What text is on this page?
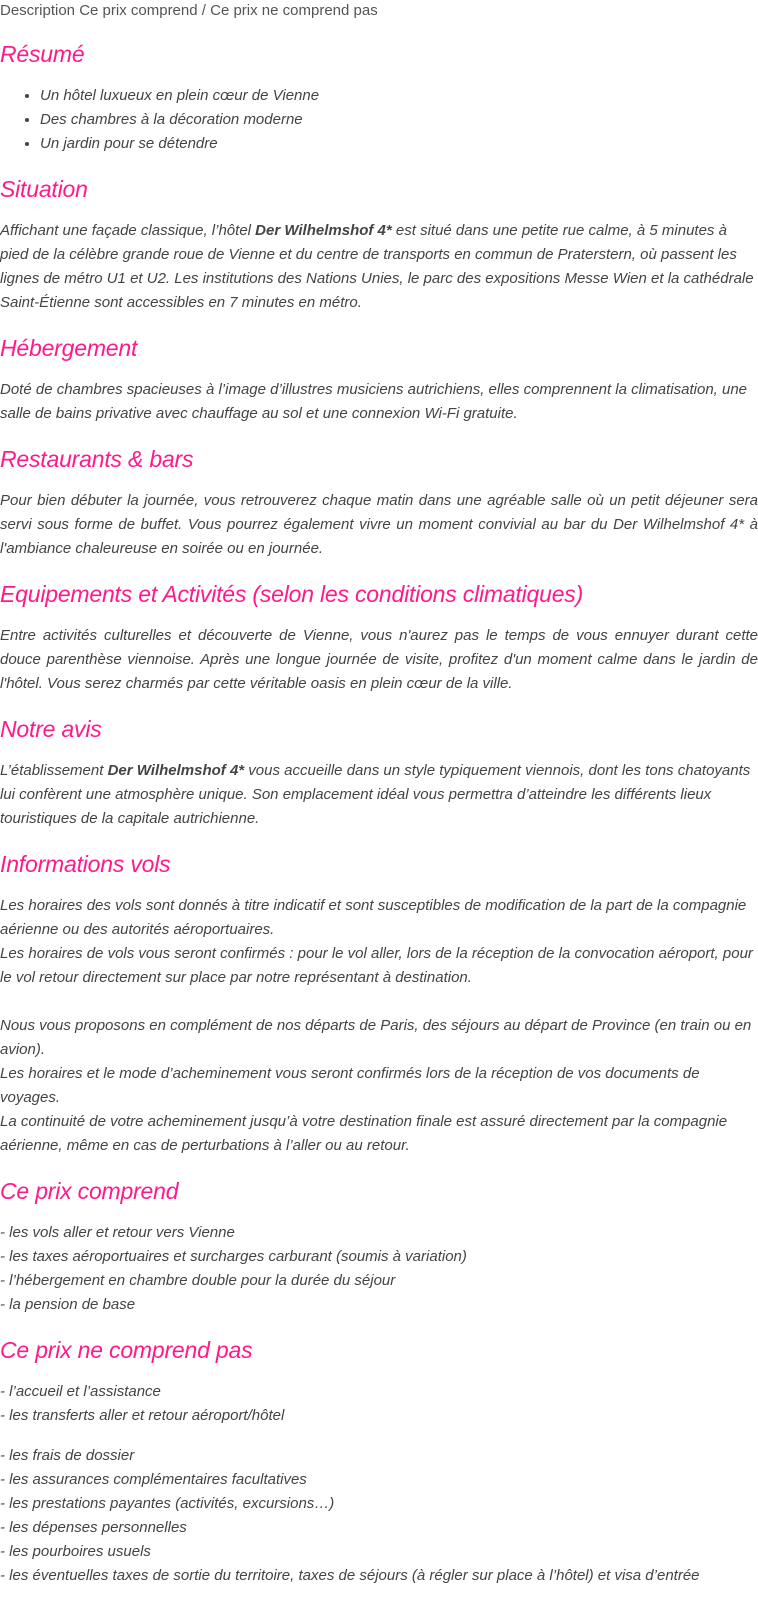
Description Ce prix comprend / Ce prix ne comprend pas
Résumé
• Un hôtel luxueux en plein cœur de Vienne
• Des chambres à la décoration moderne
• Un jardin pour se détendre
Situation

Affichant une façade classique, l’hôtel Der Wilhelmshof 4* est situé dans une petite rue calme, à 5 minutes à pied de la célèbre grande roue de Vienne et du centre de transports en commun de Praterstern, où passent les lignes de métro U1 et U2. Les institutions des Nations Unies, le parc des expositions Messe Wien et la cathédrale Saint-Étienne sont accessibles en 7 minutes en métro.

Hébergement

Doté de chambres spacieuses à l’image d’illustres musiciens autrichiens, elles comprennent la climatisation, une salle de bains privative avec chauffage au sol et une connexion Wi-Fi gratuite.

Restaurants & bars

Pour bien débuter la journée, vous retrouverez chaque matin dans une agréable salle où un petit déjeuner sera servi sous forme de buffet. Vous pourrez également vivre un moment convivial au bar du Der Wilhelmshof 4* à l'ambiance chaleureuse en soirée ou en journée.

Equipements et Activités (selon les conditions climatiques)

Entre activités culturelles et découverte de Vienne, vous n'aurez pas le temps de vous ennuyer durant cette douce parenthèse viennoise. Après une longue journée de visite, profitez d'un moment calme dans le jardin de l'hôtel. Vous serez charmés par cette véritable oasis en plein cœur de la ville.

Notre avis

L’établissement Der Wilhelmshof 4* vous accueille dans un style typiquement viennois, dont les tons chatoyants lui confèrent une atmosphère unique. Son emplacement idéal vous permettra d’atteindre les différents lieux touristiques de la capitale autrichienne.

Informations vols

Les horaires des vols sont donnés à titre indicatif et sont susceptibles de modification de la part de la compagnie aérienne ou des autorités aéroportuaires.

Les horaires de vols vous seront confirmés : pour le vol aller, lors de la réception de la convocation aéroport, pour le vol retour directement sur place par notre représentant à destination.

Nous vous proposons en complément de nos départs de Paris, des séjours au départ de Province (en train ou en avion).

Les horaires et le mode d’acheminement vous seront confirmés lors de la réception de vos documents de voyages.

La continuité de votre acheminement jusqu’à votre destination finale est assuré directement par la compagnie aérienne, même en cas de perturbations à l’aller ou au retour.

Ce prix comprend

- les vols aller et retour vers Vienne

- les taxes aéroportuaires et surcharges carburant (soumis à variation)

- l’hébergement en chambre double pour la durée du séjour

- la pension de base

Ce prix ne comprend pas

- l’accueil et l’assistance

- les transferts aller et retour aéroport/hôtel

- les frais de dossier

- les assurances complémentaires facultatives

- les prestations payantes (activités, excursions…)

- les dépenses personnelles

- les pourboires usuels

- les éventuelles taxes de sortie du territoire, taxes de séjours (à régler sur place à l’hôtel) et visa d’entrée
